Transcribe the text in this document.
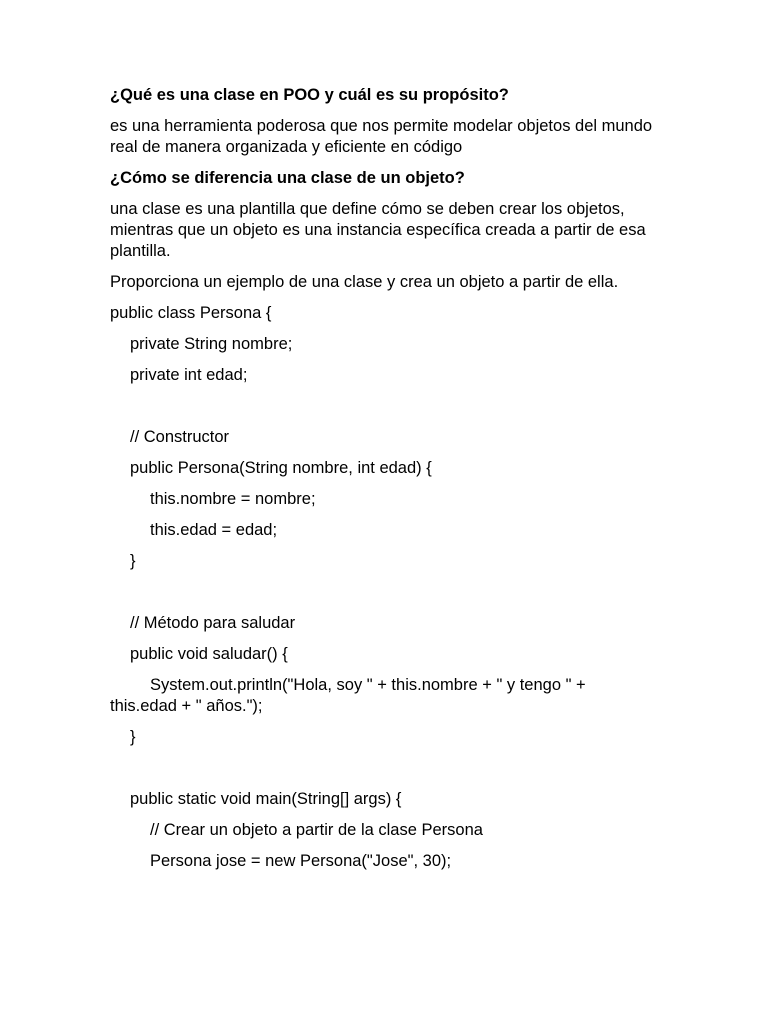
¿Qué es una clase en POO y cuál es su propósito?

es una herramienta poderosa que nos permite modelar objetos del mundo real de manera organizada y eficiente en código

¿Cómo se diferencia una clase de un objeto?

una clase es una plantilla que define cómo se deben crear los objetos, mientras que un objeto es una instancia específica creada a partir de esa plantilla.

Proporciona un ejemplo de una clase y crea un objeto a partir de ella.

public class Persona {
private String nombre;
private int edad;
// Constructor
public Persona(String nombre, int edad) {
this.nombre = nombre;
this.edad = edad;
}
// Método para saludar
public void saludar() {
System.out.println("Hola, soy " + this.nombre + " y tengo " + this.edad + " años.");
}
public static void main(String[] args) {
// Crear un objeto a partir de la clase Persona
Persona jose = new Persona("Jose", 30);
